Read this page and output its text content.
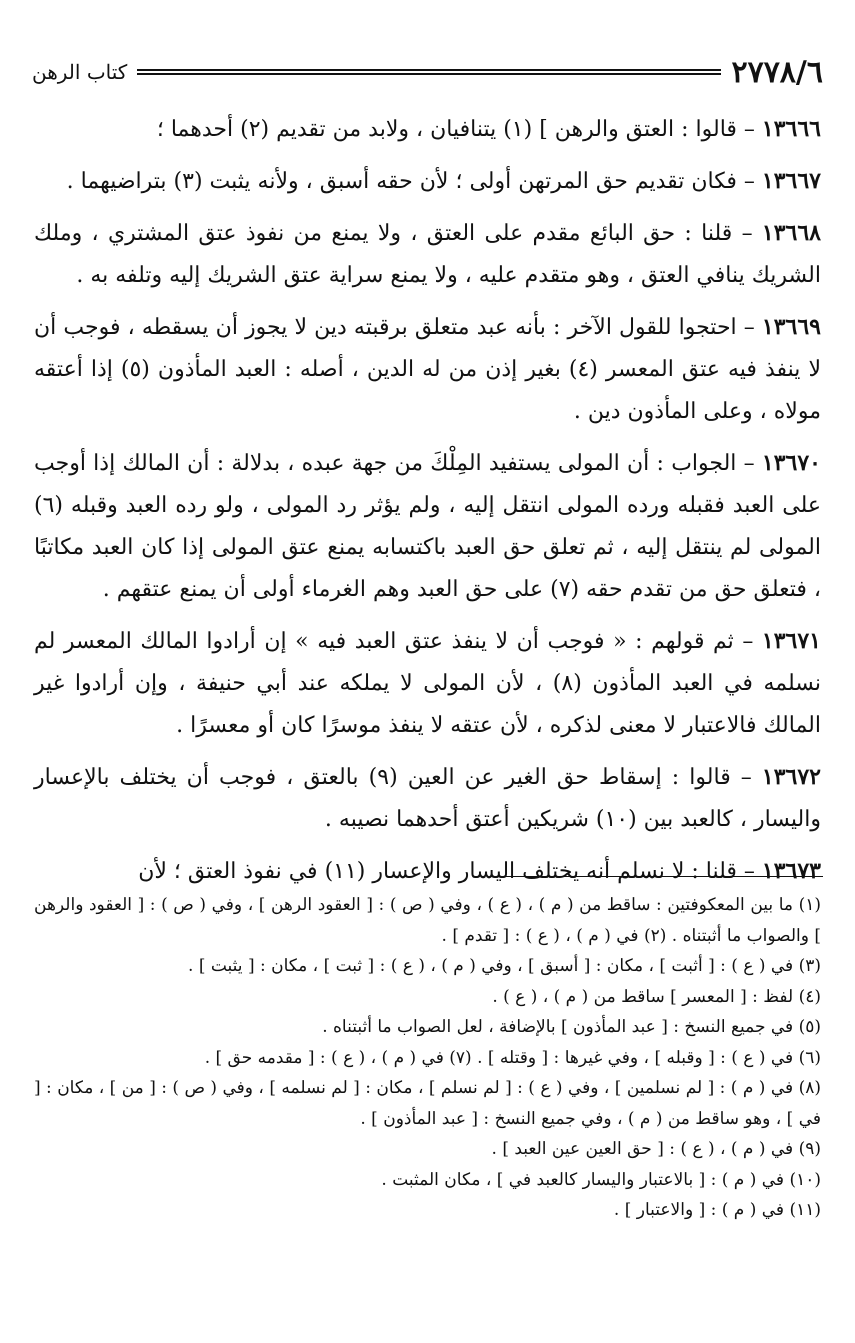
٢٧٧٨/٦
كتاب الرهن

١٣٦٦٦ – قالوا : العتق والرهن ] (١) يتنافيان ، ولابد من تقديم (٢) أحدهما ؛

١٣٦٦٧ – فكان تقديم حق المرتهن أولى ؛ لأن حقه أسبق ، ولأنه يثبت (٣) بتراضيهما .

١٣٦٦٨ – قلنا : حق البائع مقدم على العتق ، ولا يمنع من نفوذ عتق المشتري ، وملك الشريك ينافي العتق ، وهو متقدم عليه ، ولا يمنع سراية عتق الشريك إليه وتلفه به .

١٣٦٦٩ – احتجوا للقول الآخر : بأنه عبد متعلق برقبته دين لا يجوز أن يسقطه ، فوجب أن لا ينفذ فيه عتق المعسر (٤) بغير إذن من له الدين ، أصله : العبد المأذون (٥) إذا أعتقه مولاه ، وعلى المأذون دين .

١٣٦٧٠ – الجواب : أن المولى يستفيد المِلْكَ من جهة عبده ، بدلالة : أن المالك إذا أوجب على العبد فقبله ورده المولى انتقل إليه ، ولم يؤثر رد المولى ، ولو رده العبد وقبله (٦) المولى لم ينتقل إليه ، ثم تعلق حق العبد باكتسابه يمنع عتق المولى إذا كان العبد مكاتبًا ، فتعلق حق من تقدم حقه (٧) على حق العبد وهم الغرماء أولى أن يمنع عتقهم .

١٣٦٧١ – ثم قولهم : « فوجب أن لا ينفذ عتق العبد فيه » إن أرادوا المالك المعسر لم نسلمه في العبد المأذون (٨) ، لأن المولى لا يملكه عند أبي حنيفة ، وإن أرادوا غير المالك فالاعتبار لا معنى لذكره ، لأن عتقه لا ينفذ موسرًا كان أو معسرًا .

١٣٦٧٢ – قالوا : إسقاط حق الغير عن العين (٩) بالعتق ، فوجب أن يختلف بالإعسار واليسار ، كالعبد بين (١٠) شريكين أعتق أحدهما نصيبه .

١٣٦٧٣ – قلنا : لا نسلم أنه يختلف اليسار والإعسار (١١) في نفوذ العتق ؛ لأن

(١) ما بين المعكوفتين : ساقط من ( م ) ، ( ع ) ، وفي ( ص ) : [ العقود الرهن ] ، وفي ( ص ) : [ العقود والرهن ] والصواب ما أثبتناه . (٢) في ( م ) ، ( ع ) : [ تقدم ] .

(٣) في ( ع ) : [ أثبت ] ، مكان : [ أسبق ] ، وفي ( م ) ، ( ع ) : [ ثبت ] ، مكان : [ يثبت ] .

(٤) لفظ : [ المعسر ] ساقط من ( م ) ، ( ع ) .

(٥) في جميع النسخ : [ عبد المأذون ] بالإضافة ، لعل الصواب ما أثبتناه .

(٦) في ( ع ) : [ وقبله ] ، وفي غيرها : [ وقتله ] . (٧) في ( م ) ، ( ع ) : [ مقدمه حق ] .

(٨) في ( م ) : [ لم نسلمين ] ، وفي ( ع ) : [ لم نسلم ] ، مكان : [ لم نسلمه ] ، وفي ( ص ) : [ من ] ، مكان : [ في ] ، وهو ساقط من ( م ) ، وفي جميع النسخ : [ عبد المأذون ] .

(٩) في ( م ) ، ( ع ) : [ حق العين عين العبد ] .

(١٠) في ( م ) : [ بالاعتبار واليسار كالعبد في ] ، مكان المثبت .

(١١) في ( م ) : [ والاعتبار ] .
